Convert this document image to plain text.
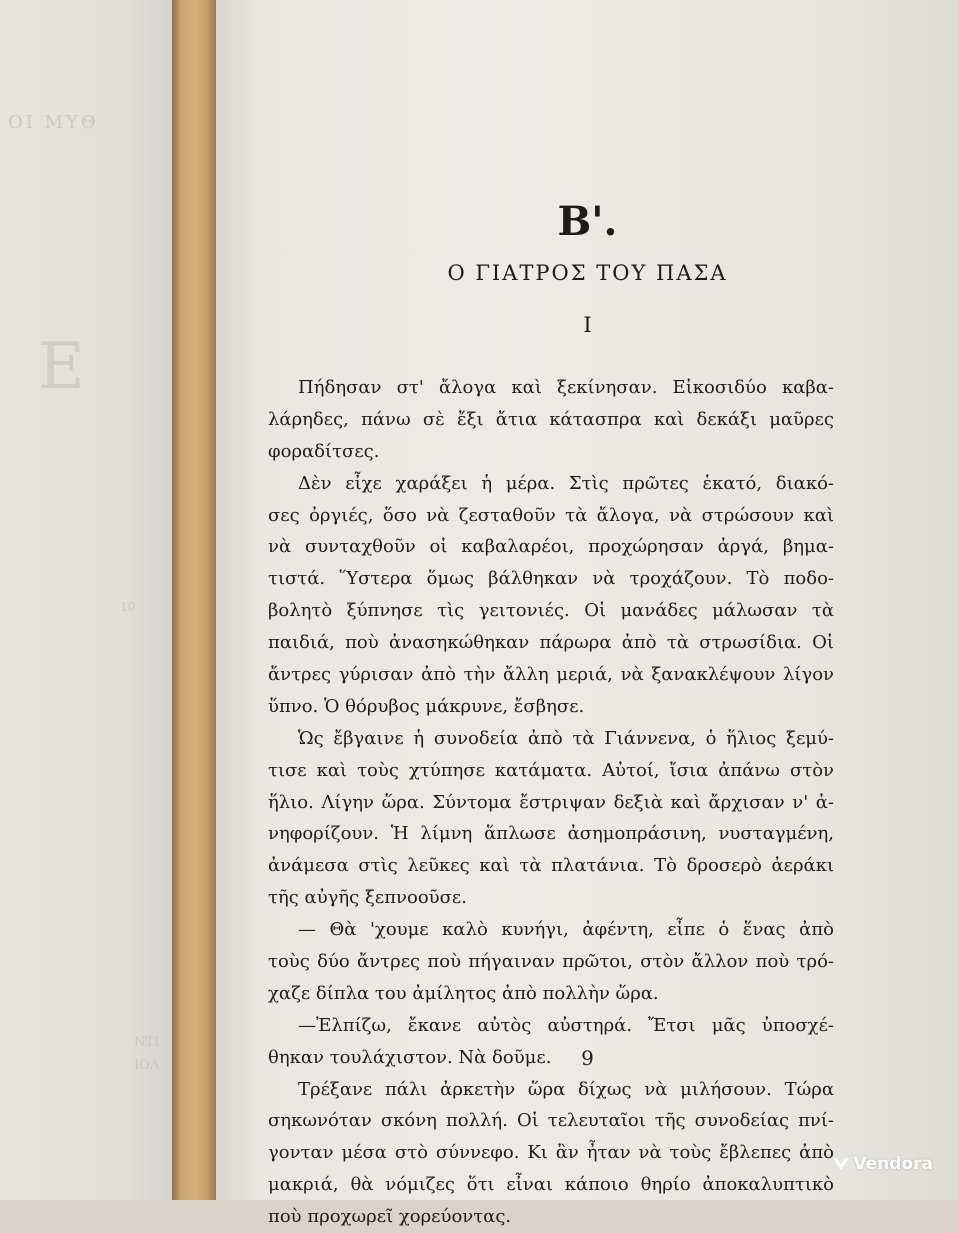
ΟΙ ΜΥΘ
Ε
10
ΝΤΙ
ΙΟΛ
Β'.
Ο ΓΙΑΤΡΟΣ ΤΟΥ ΠΑΣΑ
Ι
Πήδησαν στ' ἄλογα καὶ ξεκίνησαν. Εἰκοσιδύο καβα-
λάρηδες, πάνω σὲ ἔξι ἄτια κάτασπρα καὶ δεκάξι μαῦρες
φοραδίτσες.
Δὲν εἶχε χαράξει ἡ μέρα. Στὶς πρῶτες ἑκατό, διακό-
σες ὀργιές, ὅσο νὰ ζεσταθοῦν τὰ ἄλογα, νὰ στρώσουν καὶ
νὰ συνταχθοῦν οἱ καβαλαρέοι, προχώρησαν ἀργά, βημα-
τιστά. Ὕστερα ὅμως βάλθηκαν νὰ τροχάζουν. Τὸ ποδο-
βολητὸ ξύπνησε τὶς γειτονιές. Οἱ μανάδες μάλωσαν τὰ
παιδιά, ποὺ ἀνασηκώθηκαν πάρωρα ἀπὸ τὰ στρωσίδια. Οἱ
ἄντρες γύρισαν ἀπὸ τὴν ἄλλη μεριά, νὰ ξανακλέψουν λίγον
ὕπνο. Ὁ θόρυβος μάκρυνε, ἔσβησε.
Ὡς ἔβγαινε ἡ συνοδεία ἀπὸ τὰ Γιάννενα, ὁ ἥλιος ξεμύ-
τισε καὶ τοὺς χτύπησε κατάματα. Αὐτοί, ἴσια ἀπάνω στὸν
ἥλιο. Λίγην ὥρα. Σύντομα ἔστριψαν δεξιὰ καὶ ἄρχισαν ν' ἀ-
νηφορίζουν. Ἡ λίμνη ἅπλωσε ἀσημοπράσινη, νυσταγμένη,
ἀνάμεσα στὶς λεῦκες καὶ τὰ πλατάνια. Τὸ δροσερὸ ἀεράκι
τῆς αὐγῆς ξεπνοοῦσε.
— Θὰ 'χουμε καλὸ κυνήγι, ἀφέντη, εἶπε ὁ ἕνας ἀπὸ
τοὺς δύο ἄντρες ποὺ πήγαιναν πρῶτοι, στὸν ἄλλον ποὺ τρό-
χαζε δίπλα του ἀμίλητος ἀπὸ πολλὴν ὥρα.
—Ἐλπίζω, ἔκανε αὐτὸς αὐστηρά. Ἔτσι μᾶς ὑποσχέ-
θηκαν τουλάχιστον. Νὰ δοῦμε.
Τρέξανε πάλι ἀρκετὴν ὥρα δίχως νὰ μιλήσουν. Τώρα
σηκωνόταν σκόνη πολλή. Οἱ τελευταῖοι τῆς συνοδείας πνί-
γονταν μέσα στὸ σύννεφο. Κι ἂν ἦταν νὰ τοὺς ἔβλεπες ἀπὸ
μακριά, θὰ νόμιζες ὅτι εἶναι κάποιο θηρίο ἀποκαλυπτικὸ
ποὺ προχωρεῖ χορεύοντας.
9
Vendora
